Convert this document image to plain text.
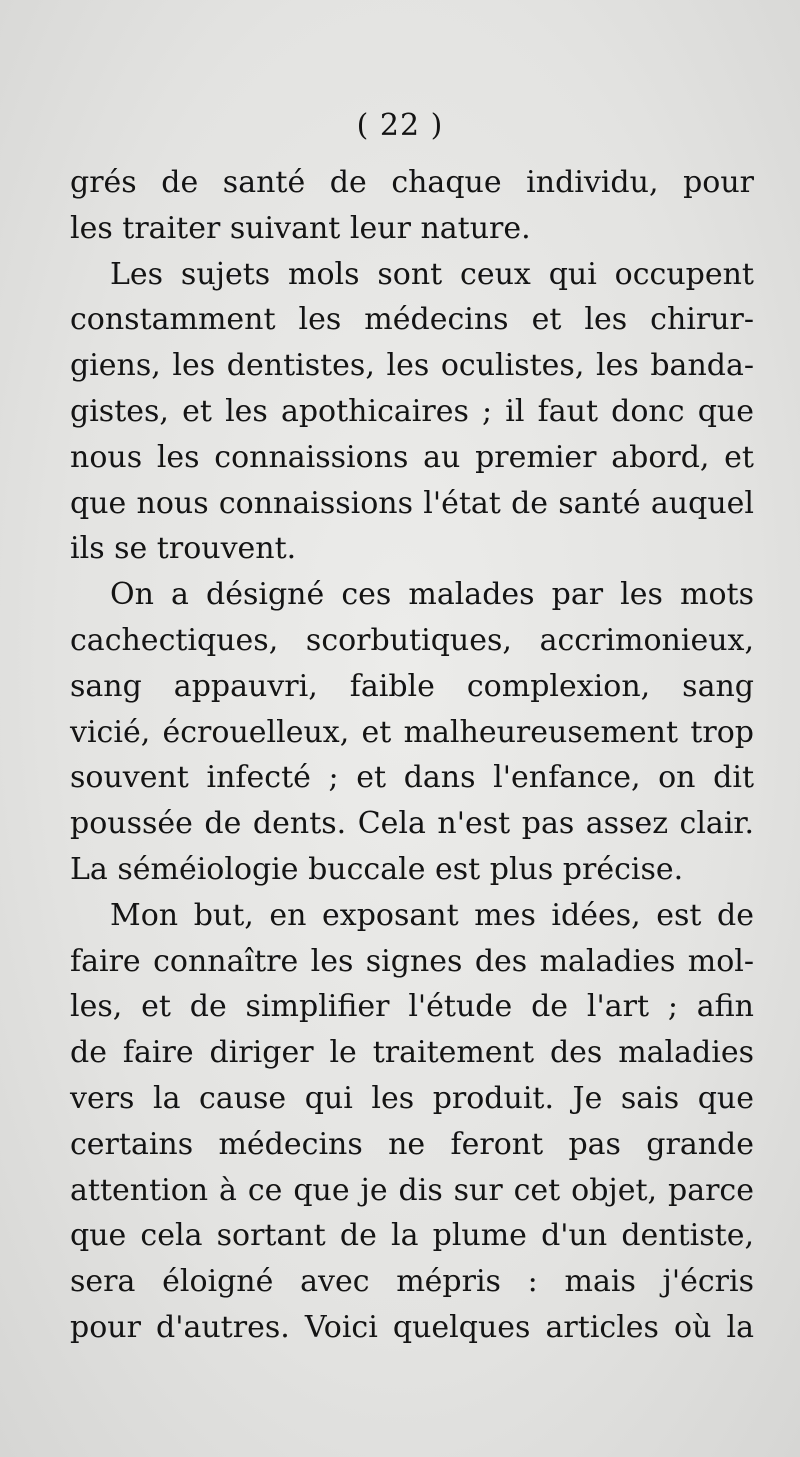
( 22 )
grés de santé de chaque individu, pour
les traiter suivant leur nature.
Les sujets mols sont ceux qui occupent
constamment les médecins et les chirur-
giens, les dentistes, les oculistes, les banda-
gistes, et les apothicaires ; il faut donc que
nous les connaissions au premier abord, et
que nous connaissions l'état de santé auquel
ils se trouvent.
On a désigné ces malades par les mots
cachectiques, scorbutiques, accrimonieux,
sang appauvri, faible complexion, sang
vicié, écrouelleux, et malheureusement trop
souvent infecté ; et dans l'enfance, on dit
poussée de dents. Cela n'est pas assez clair.
La séméiologie buccale est plus précise.
Mon but, en exposant mes idées, est de
faire connaître les signes des maladies mol-
les, et de simplifier l'étude de l'art ; afin
de faire diriger le traitement des maladies
vers la cause qui les produit. Je sais que
certains médecins ne feront pas grande
attention à ce que je dis sur cet objet, parce
que cela sortant de la plume d'un dentiste,
sera éloigné avec mépris : mais j'écris
pour d'autres. Voici quelques articles où la
